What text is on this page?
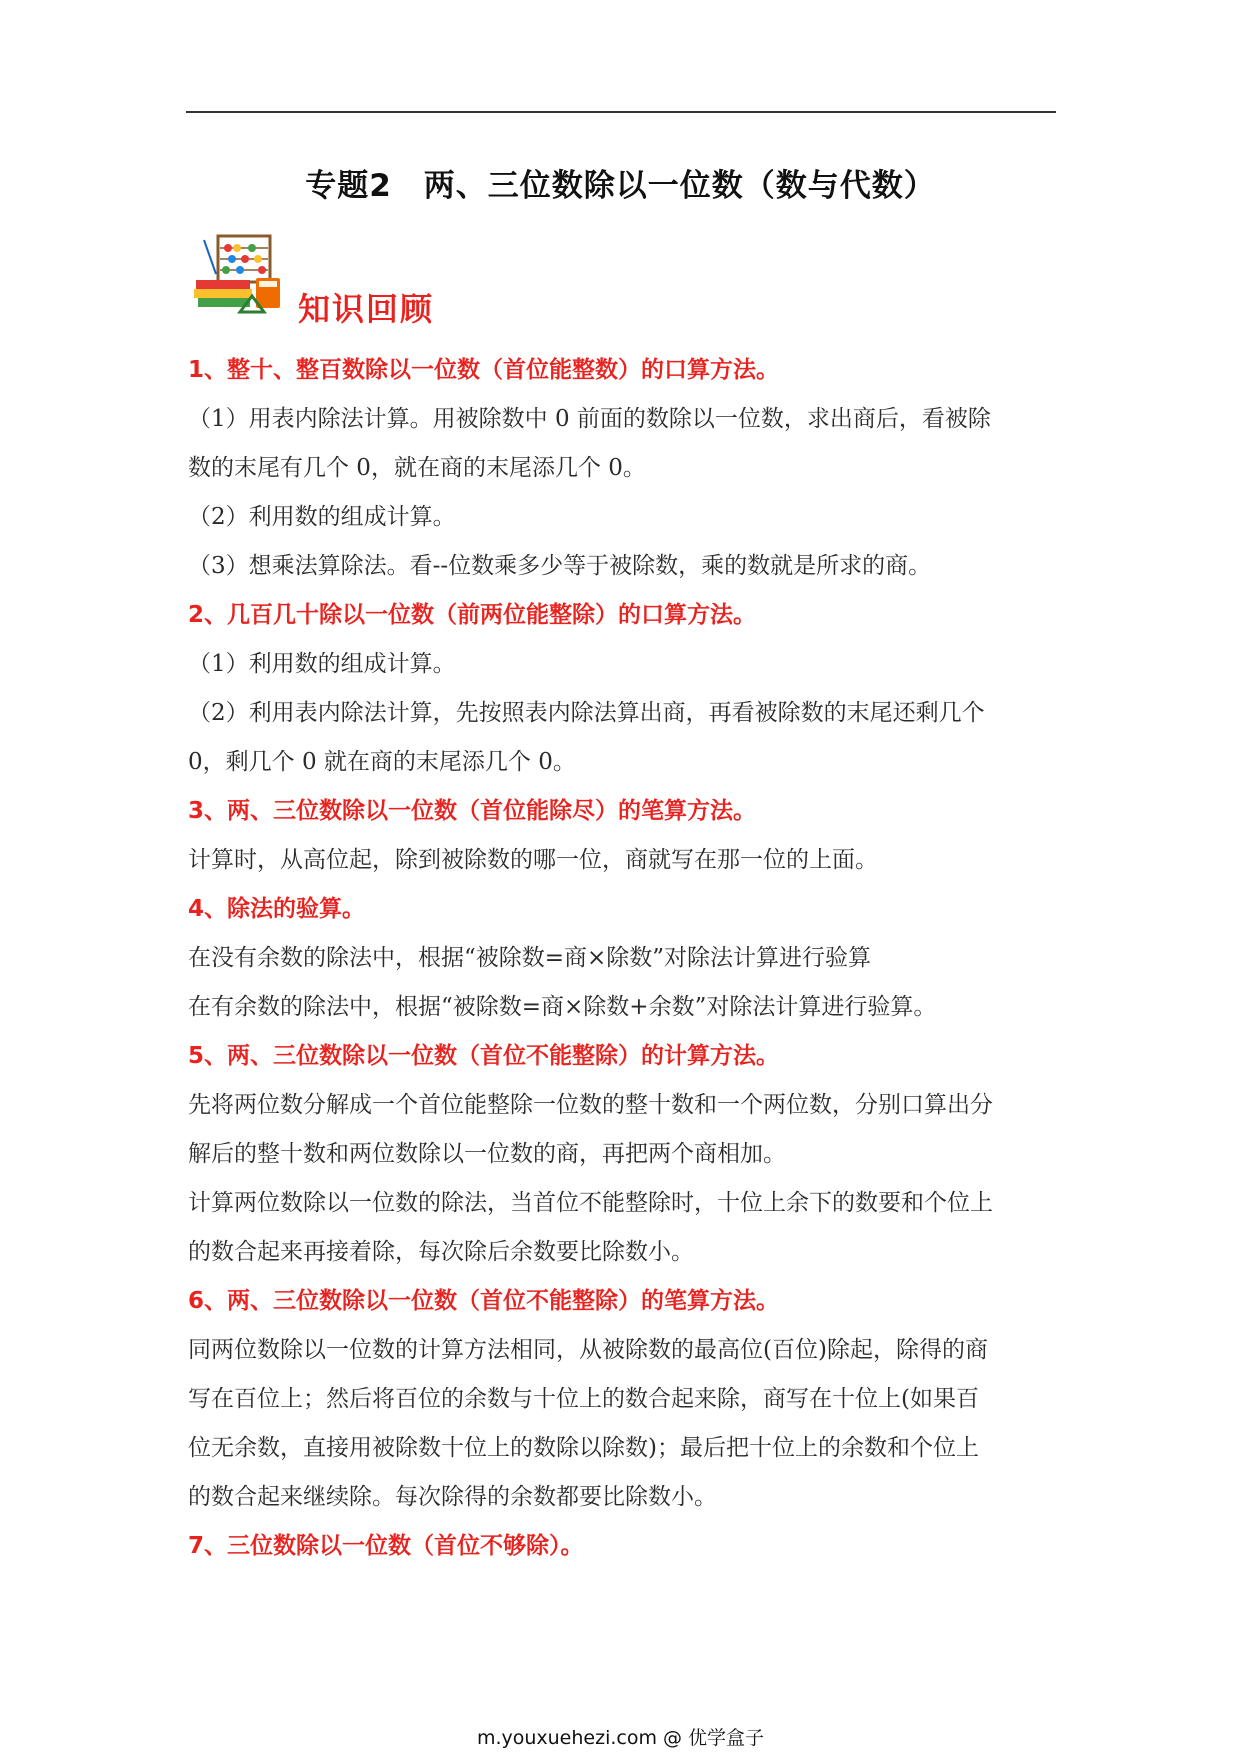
专题2　两、三位数除以一位数（数与代数）
知识回顾
1、整十、整百数除以一位数（首位能整数）的口算方法。
（1）用表内除法计算。用被除数中 0 前面的数除以一位数，求出商后，看被除
数的末尾有几个 0，就在商的末尾添几个 0。
（2）利用数的组成计算。
（3）想乘法算除法。看--位数乘多少等于被除数，乘的数就是所求的商。
2、几百几十除以一位数（前两位能整除）的口算方法。
（1）利用数的组成计算。
（2）利用表内除法计算，先按照表内除法算出商，再看被除数的末尾还剩几个
0，剩几个 0 就在商的末尾添几个 0。
3、两、三位数除以一位数（首位能除尽）的笔算方法。
计算时，从高位起，除到被除数的哪一位，商就写在那一位的上面。
4、除法的验算。
在没有余数的除法中，根据“被除数=商×除数”对除法计算进行验算
在有余数的除法中，根据“被除数=商×除数+余数”对除法计算进行验算。
5、两、三位数除以一位数（首位不能整除）的计算方法。
先将两位数分解成一个首位能整除一位数的整十数和一个两位数，分别口算出分
解后的整十数和两位数除以一位数的商，再把两个商相加。
计算两位数除以一位数的除法，当首位不能整除时，十位上余下的数要和个位上
的数合起来再接着除，每次除后余数要比除数小。
6、两、三位数除以一位数（首位不能整除）的笔算方法。
同两位数除以一位数的计算方法相同，从被除数的最高位(百位)除起，除得的商
写在百位上；然后将百位的余数与十位上的数合起来除，商写在十位上(如果百
位无余数，直接用被除数十位上的数除以除数)；最后把十位上的余数和个位上
的数合起来继续除。每次除得的余数都要比除数小。
7、三位数除以一位数（首位不够除）。
m.youxuehezi.com @ 优学盒子
